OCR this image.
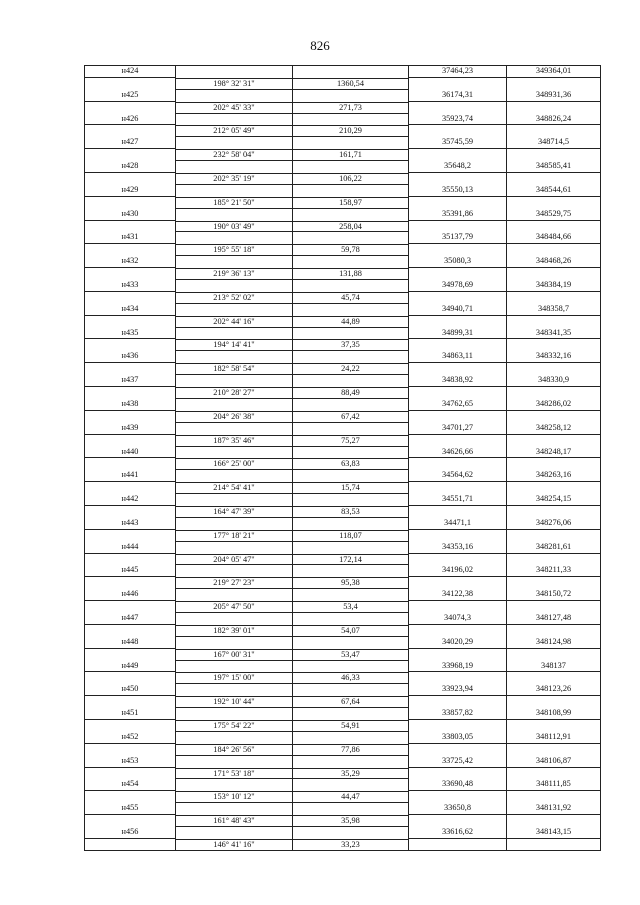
826
н424	37464,23	349364,01
198° 32' 31"	1360,54
н425	36174,31	348931,36
202° 45' 33"	271,73
н426	35923,74	348826,24
212° 05' 49"	210,29
н427	35745,59	348714,5
232° 58' 04"	161,71
н428	35648,2	348585,41
202° 35' 19"	106,22
н429	35550,13	348544,61
185° 21' 50"	158,97
н430	35391,86	348529,75
190° 03' 49"	258,04
н431	35137,79	348484,66
195° 55' 18"	59,78
н432	35080,3	348468,26
219° 36' 13"	131,88
н433	34978,69	348384,19
213° 52' 02"	45,74
н434	34940,71	348358,7
202° 44' 16"	44,89
н435	34899,31	348341,35
194° 14' 41"	37,35
н436	34863,11	348332,16
182° 58' 54"	24,22
н437	34838,92	348330,9
210° 28' 27"	88,49
н438	34762,65	348286,02
204° 26' 38"	67,42
н439	34701,27	348258,12
187° 35' 46"	75,27
н440	34626,66	348248,17
166° 25' 00"	63,83
н441	34564,62	348263,16
214° 54' 41"	15,74
н442	34551,71	348254,15
164° 47' 39"	83,53
н443	34471,1	348276,06
177° 18' 21"	118,07
н444	34353,16	348281,61
204° 05' 47"	172,14
н445	34196,02	348211,33
219° 27' 23"	95,38
н446	34122,38	348150,72
205° 47' 50"	53,4
н447	34074,3	348127,48
182° 39' 01"	54,07
н448	34020,29	348124,98
167° 00' 31"	53,47
н449	33968,19	348137
197° 15' 00"	46,33
н450	33923,94	348123,26
192° 10' 44"	67,64
н451	33857,82	348108,99
175° 54' 22"	54,91
н452	33803,05	348112,91
184° 26' 56"	77,86
н453	33725,42	348106,87
171° 53' 18"	35,29
н454	33690,48	348111,85
153° 10' 12"	44,47
н455	33650,8	348131,92
161° 48' 43"	35,98
н456	33616,62	348143,15
146° 41' 16"	33,23
